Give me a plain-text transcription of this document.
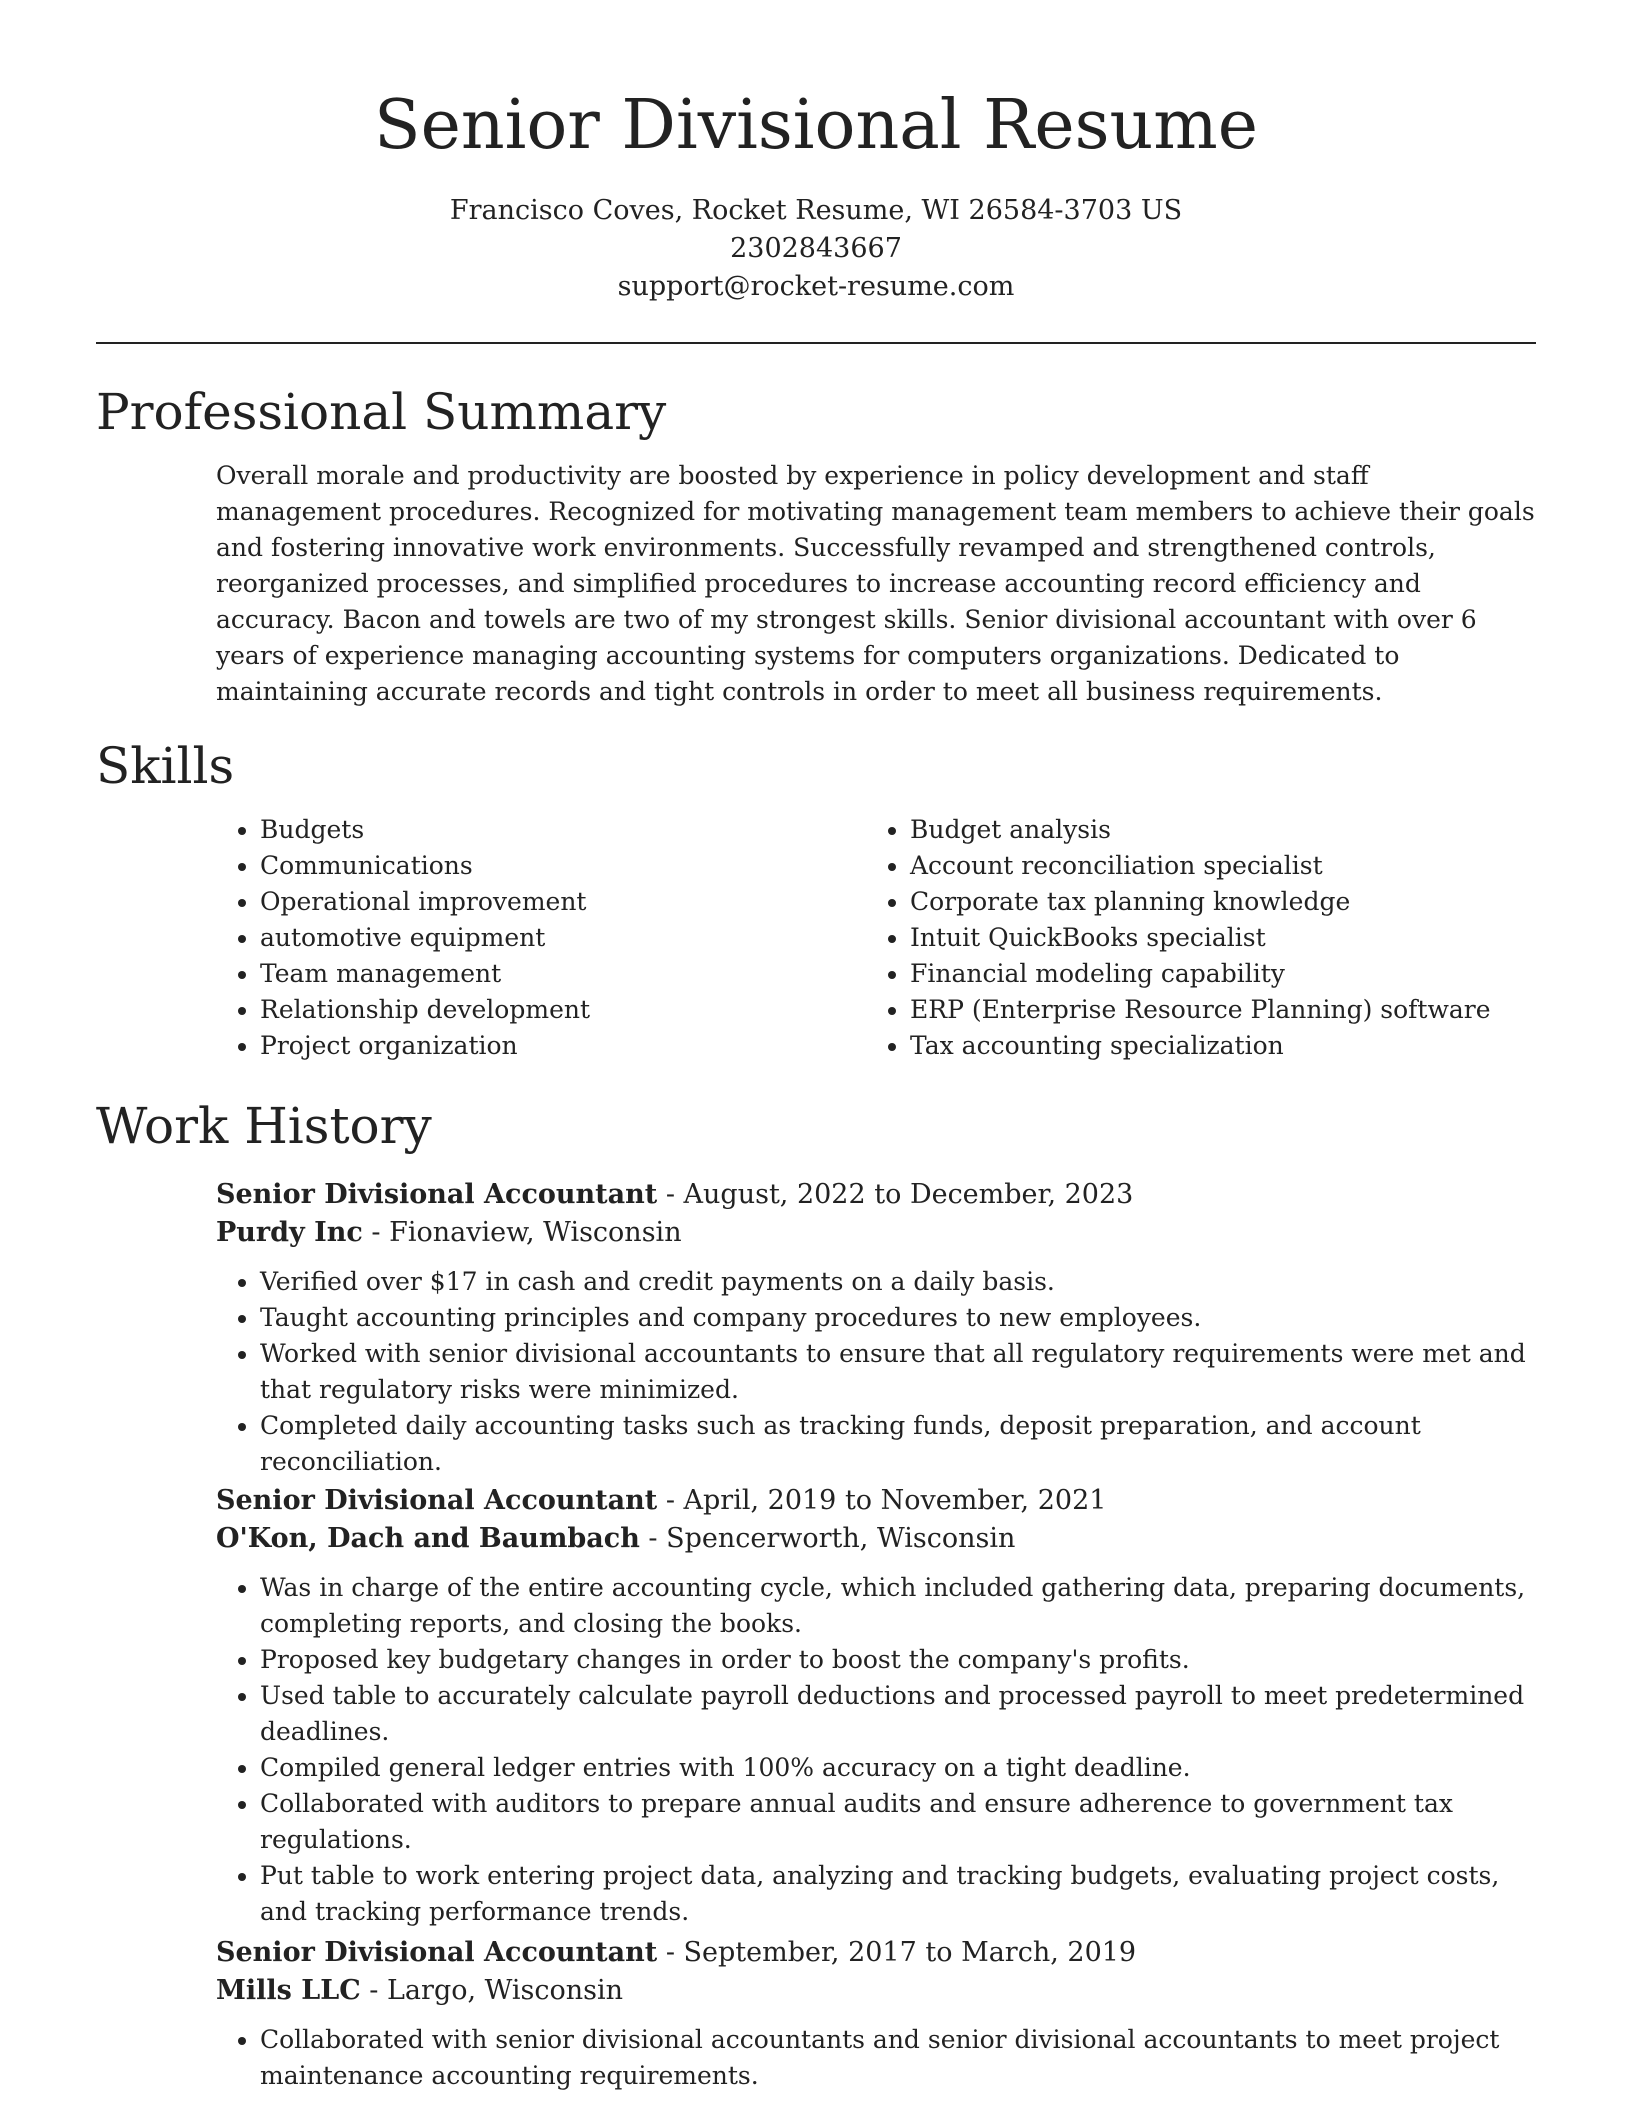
Senior Divisional Resume
Francisco Coves, Rocket Resume, WI 26584-3703 US
2302843667
support@rocket-resume.com
Professional Summary
Overall morale and productivity are boosted by experience in policy development and staff management procedures. Recognized for motivating management team members to achieve their goals and fostering innovative work environments. Successfully revamped and strengthened controls, reorganized processes, and simplified procedures to increase accounting record efficiency and accuracy. Bacon and towels are two of my strongest skills. Senior divisional accountant with over 6 years of experience managing accounting systems for computers organizations. Dedicated to maintaining accurate records and tight controls in order to meet all business requirements.
Skills
• Budgets
• Communications
• Operational improvement
• automotive equipment
• Team management
• Relationship development
• Project organization
• Budget analysis
• Account reconciliation specialist
• Corporate tax planning knowledge
• Intuit QuickBooks specialist
• Financial modeling capability
• ERP (Enterprise Resource Planning) software
• Tax accounting specialization
Work History
Senior Divisional Accountant - August, 2022 to December, 2023
Purdy Inc - Fionaview, Wisconsin
• Verified over $17 in cash and credit payments on a daily basis.
• Taught accounting principles and company procedures to new employees.
• Worked with senior divisional accountants to ensure that all regulatory requirements were met and that regulatory risks were minimized.
• Completed daily accounting tasks such as tracking funds, deposit preparation, and account reconciliation.
Senior Divisional Accountant - April, 2019 to November, 2021
O'Kon, Dach and Baumbach - Spencerworth, Wisconsin
• Was in charge of the entire accounting cycle, which included gathering data, preparing documents, completing reports, and closing the books.
• Proposed key budgetary changes in order to boost the company's profits.
• Used table to accurately calculate payroll deductions and processed payroll to meet predetermined deadlines.
• Compiled general ledger entries with 100% accuracy on a tight deadline.
• Collaborated with auditors to prepare annual audits and ensure adherence to government tax regulations.
• Put table to work entering project data, analyzing and tracking budgets, evaluating project costs, and tracking performance trends.
Senior Divisional Accountant - September, 2017 to March, 2019
Mills LLC - Largo, Wisconsin
• Collaborated with senior divisional accountants and senior divisional accountants to meet project maintenance accounting requirements.
